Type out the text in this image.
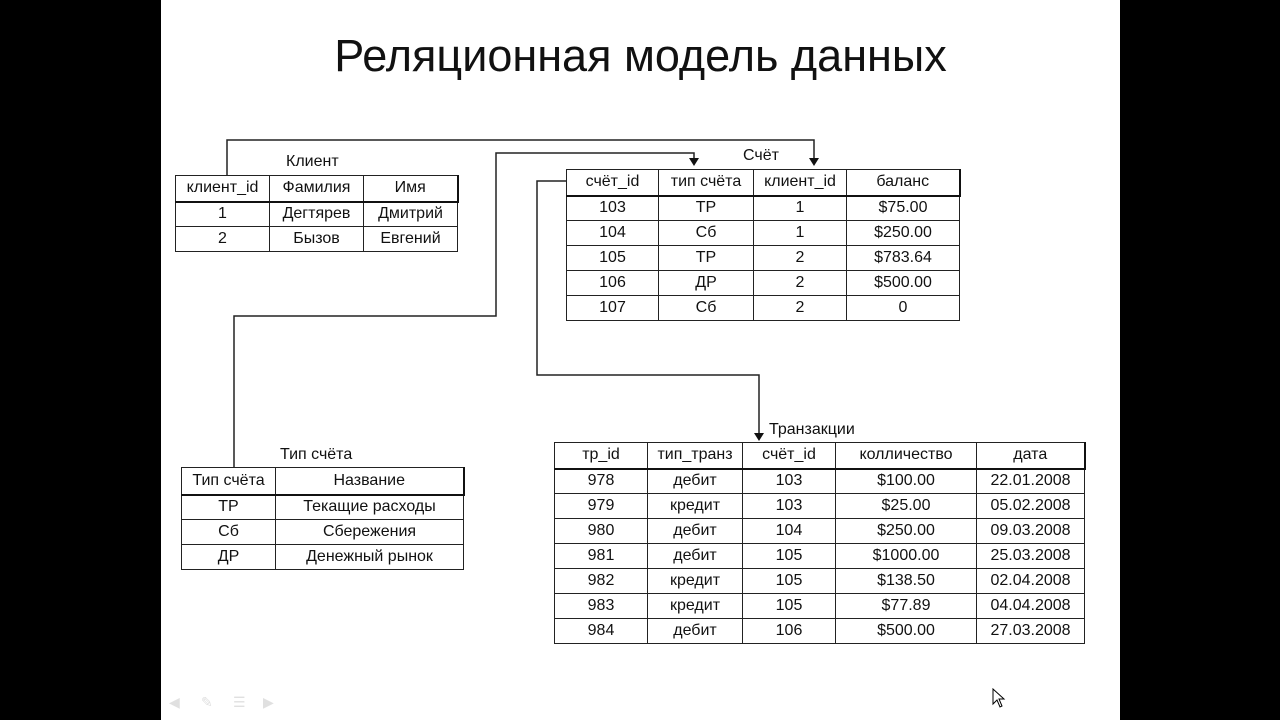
Реляционная модель данных
Клиент
клиент_id	Фамилия	Имя
1	Дегтярев	Дмитрий
2	Бызов	Евгений
Счёт
счёт_id	тип счёта	клиент_id	баланс
103	ТР	1	$75.00
104	Сб	1	$250.00
105	ТР	2	$783.64
106	ДР	2	$500.00
107	Сб	2	0
Тип счёта
Тип счёта	Название
ТР	Текащие расходы
Сб	Сбережения
ДР	Денежный рынок
Транзакции
тр_id	тип_транз	счёт_id	колличество	дата
978	дебит	103	$100.00	22.01.2008
979	кредит	103	$25.00	05.02.2008
980	дебит	104	$250.00	09.03.2008
981	дебит	105	$1000.00	25.03.2008
982	кредит	105	$138.50	02.04.2008
983	кредит	105	$77.89	04.04.2008
984	дебит	106	$500.00	27.03.2008
◀ ✎ ☰ ▶
